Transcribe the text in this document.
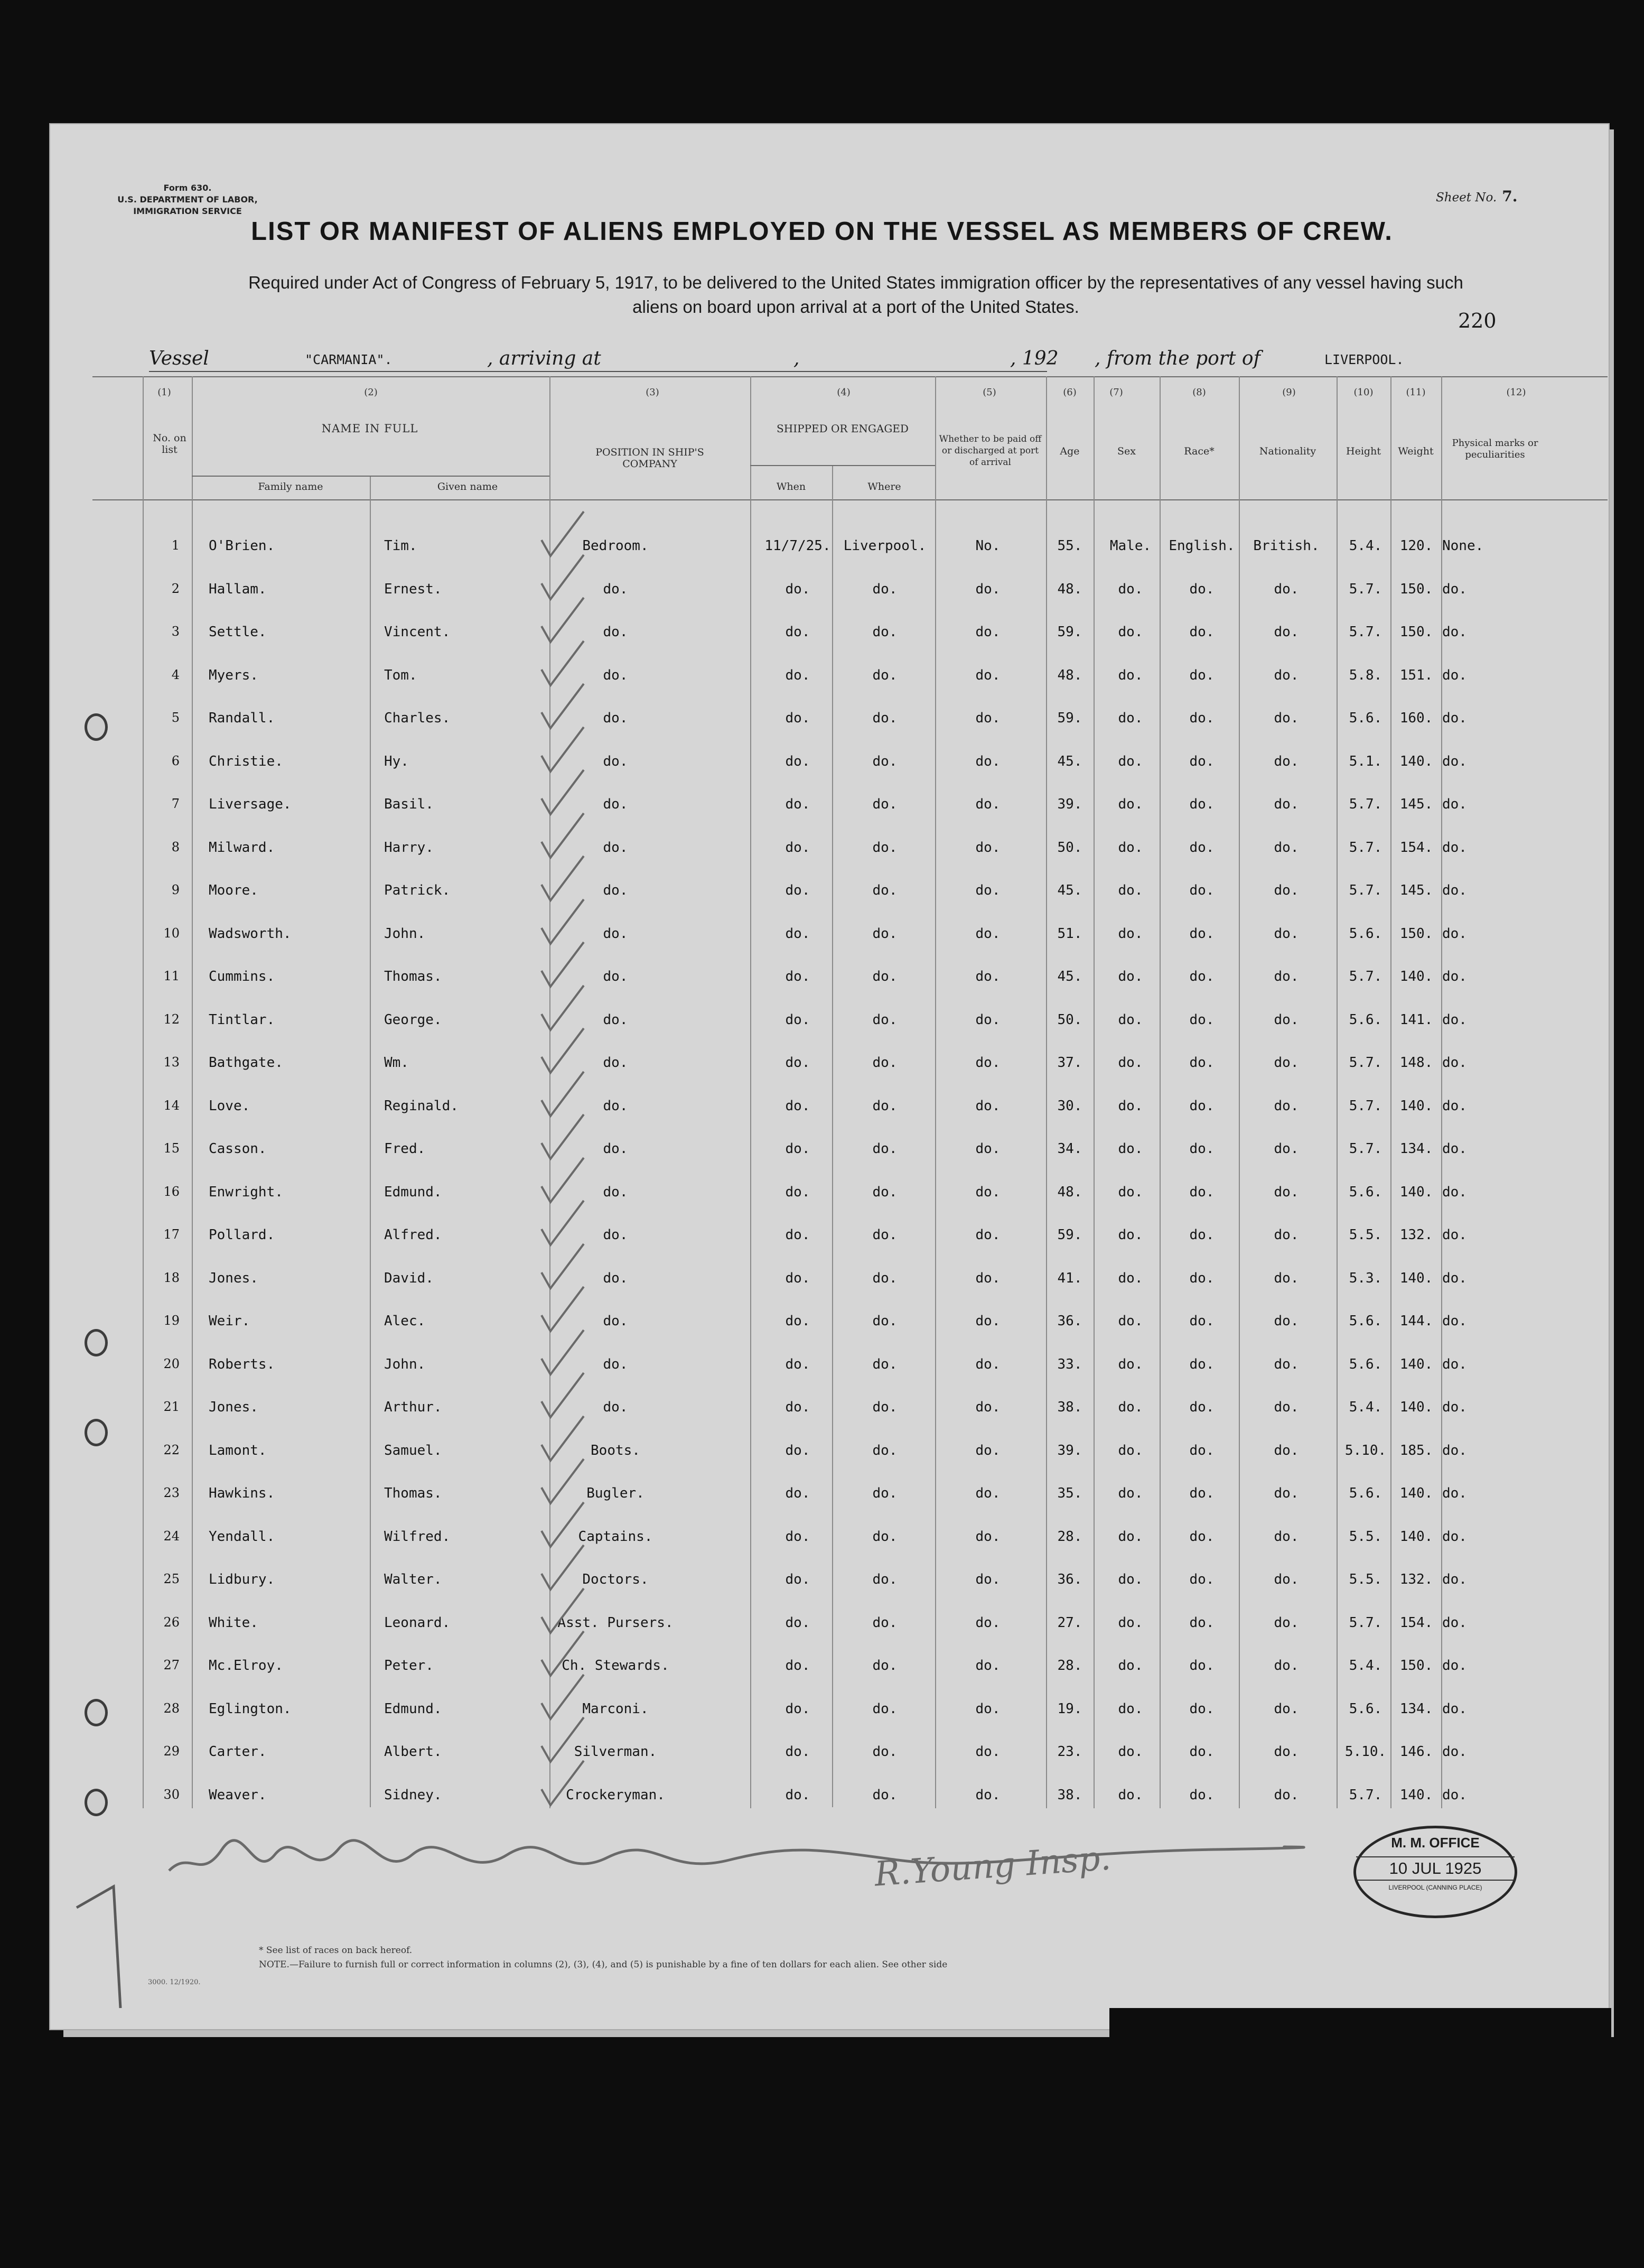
Form 630.
U.S. DEPARTMENT OF LABOR,
IMMIGRATION SERVICE
Sheet No. 7.
LIST OR MANIFEST OF ALIENS EMPLOYED ON THE VESSEL AS MEMBERS OF CREW.
Required under Act of Congress of February 5, 1917, to be delivered to the United States immigration officer by the representatives of any vessel having such
aliens on board upon arrival at a port of the United States.
220
Vessel	"CARMANIA".	, arriving at	,	, 192 , from the port of	LIVERPOOL.
(1)	(2)	(3)	(4)	(5)	(6)	(7)	(8)	(9)	(10)	(11)	(12)
No. on list
NAME IN FULL
Family name	Given name
POSITION IN SHIP'S COMPANY
SHIPPED OR ENGAGED
When	Where
Whether to be paid off or discharged at port of arrival
Age	Sex	Race*	Nationality	Height	Weight
Physical marks or peculiarities
1 O'Brien.	Tim.	Bedroom.	11/7/25. Liverpool.	No.	55.	Male.	English.	British.	5.4.	120. None.
2 Hallam.	Ernest.	do.	do.	do.	do.	48.	do.	do.	do.	5.7.	150. do.
3 Settle.	Vincent.	do.	do.	do.	do.	59.	do.	do.	do.	5.7.	150. do.
4 Myers.	Tom.	do.	do.	do.	do.	48.	do.	do.	do.	5.8.	151. do.
5 Randall.	Charles.	do.	do.	do.	do.	59.	do.	do.	do.	5.6.	160. do.
6 Christie.	Hy.	do.	do.	do.	do.	45.	do.	do.	do.	5.1.	140. do.
7 Liversage.	Basil.	do.	do.	do.	do.	39.	do.	do.	do.	5.7.	145. do.
8 Milward.	Harry.	do.	do.	do.	do.	50.	do.	do.	do.	5.7.	154. do.
9 Moore.	Patrick.	do.	do.	do.	do.	45.	do.	do.	do.	5.7.	145. do.
10 Wadsworth.	John.	do.	do.	do.	do.	51.	do.	do.	do.	5.6.	150. do.
11 Cummins.	Thomas.	do.	do.	do.	do.	45.	do.	do.	do.	5.7.	140. do.
12 Tintlar.	George.	do.	do.	do.	do.	50.	do.	do.	do.	5.6.	141. do.
13 Bathgate.	Wm.	do.	do.	do.	do.	37.	do.	do.	do.	5.7.	148. do.
14 Love.	Reginald.	do.	do.	do.	do.	30.	do.	do.	do.	5.7.	140. do.
15 Casson.	Fred.	do.	do.	do.	do.	34.	do.	do.	do.	5.7.	134. do.
16 Enwright.	Edmund.	do.	do.	do.	do.	48.	do.	do.	do.	5.6.	140. do.
17 Pollard.	Alfred.	do.	do.	do.	do.	59.	do.	do.	do.	5.5.	132. do.
18 Jones.	David.	do.	do.	do.	do.	41.	do.	do.	do.	5.3.	140. do.
19 Weir.	Alec.	do.	do.	do.	do.	36.	do.	do.	do.	5.6.	144. do.
20 Roberts.	John.	do.	do.	do.	do.	33.	do.	do.	do.	5.6.	140. do.
21 Jones.	Arthur.	do.	do.	do.	do.	38.	do.	do.	do.	5.4.	140. do.
22 Lamont.	Samuel.	Boots.	do.	do.	do.	39.	do.	do.	do.	5.10. 185. do.
23 Hawkins.	Thomas.	Bugler.	do.	do.	do.	35.	do.	do.	do.	5.6.	140. do.
24 Yendall.	Wilfred.	Captains.	do.	do.	do.	28.	do.	do.	do.	5.5.	140. do.
25 Lidbury.	Walter.	Doctors.	do.	do.	do.	36.	do.	do.	do.	5.5.	132. do.
26 White.	Leonard.	Asst. Pursers.	do.	do.	do.	27.	do.	do.	do.	5.7.	154. do.
27 Mc.Elroy.	Peter.	Ch. Stewards.	do.	do.	do.	28.	do.	do.	do.	5.4.	150. do.
28 Eglington.	Edmund.	Marconi.	do.	do.	do.	19.	do.	do.	do.	5.6.	134. do.
29 Carter.	Albert.	Silverman.	do.	do.	do.	23.	do.	do.	do.	5.10. 146. do.
30 Weaver.	Sidney.	Crockeryman.	do.	do.	do.	38.	do.	do.	do.	5.7.	140. do.
R.Young Insp.	M. M. OFFICE
10 JUL 1925
LIVERPOOL (CANNING PLACE)
* See list of races on back hereof.
NOTE.—Failure to furnish full or correct information in columns (2), (3), (4), and (5) is punishable by a fine of ten dollars for each alien. See other side
3000. 12/1920.
